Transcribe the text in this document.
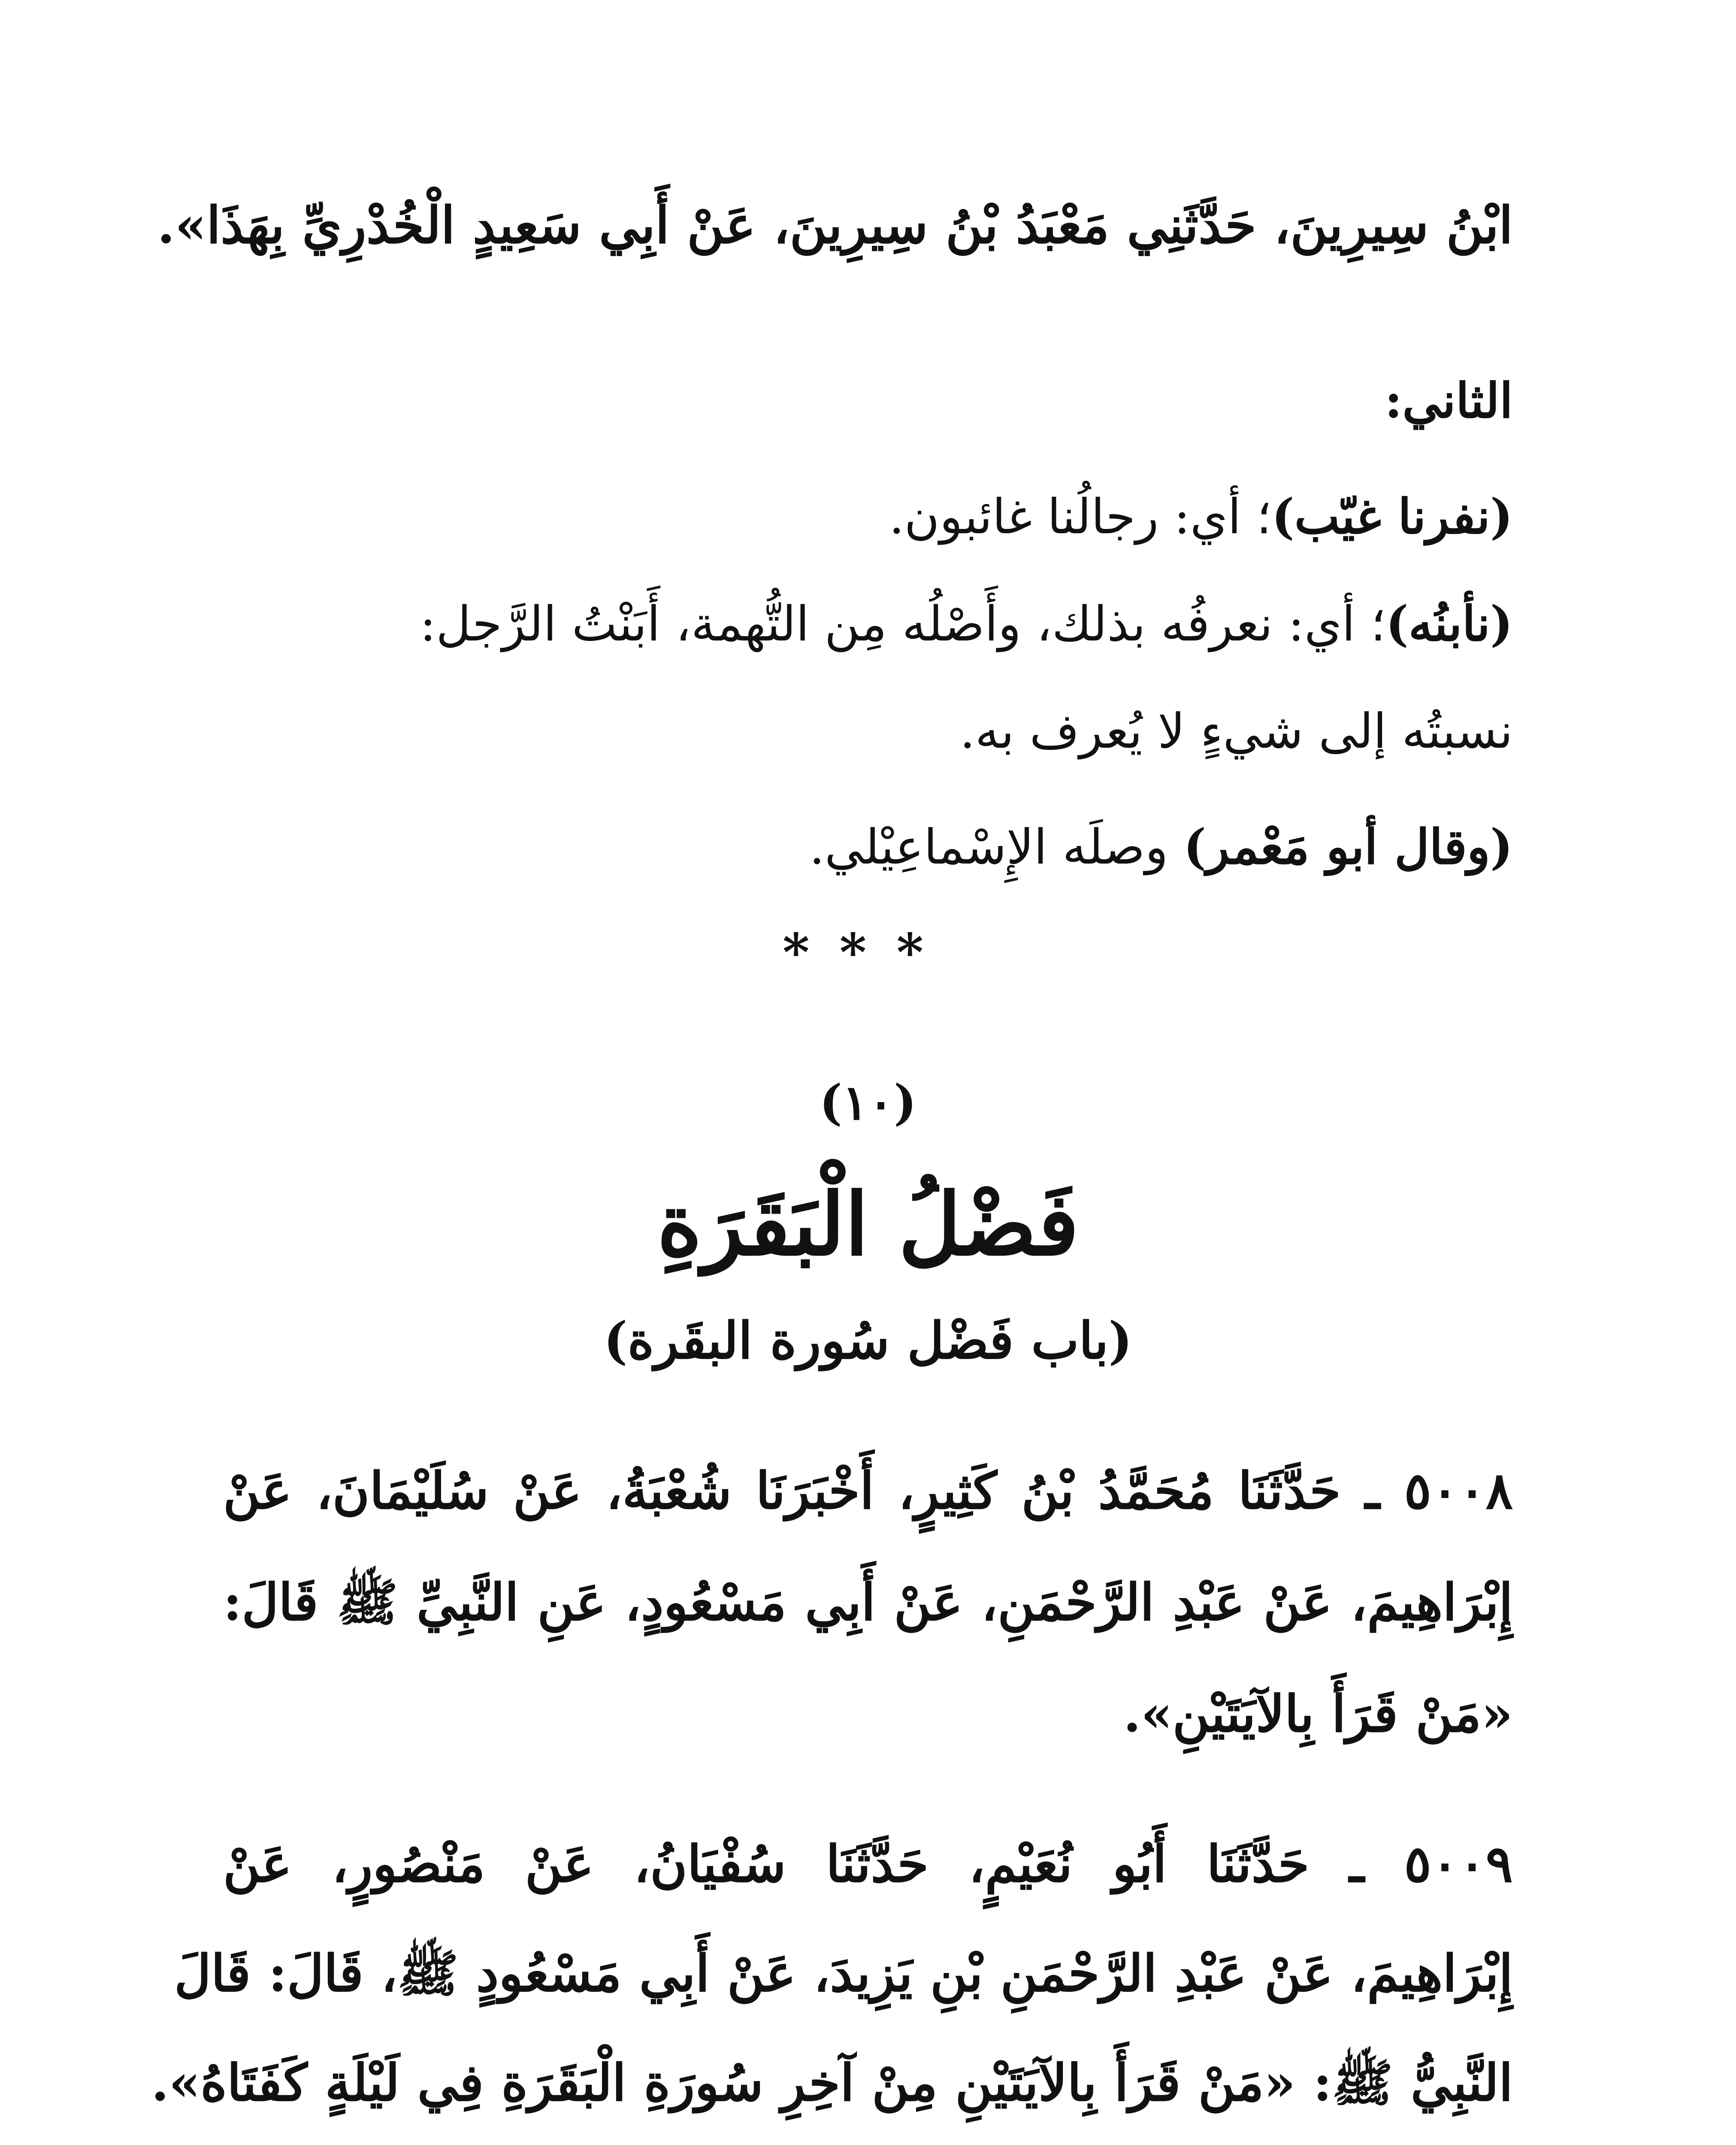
ابْنُ سِيرِينَ، حَدَّثَنِي مَعْبَدُ بْنُ سِيرِينَ، عَنْ أَبِي سَعِيدٍ الْخُدْرِيِّ بِهَذَا».
الثاني:
(نفرنا غيّب)؛ أي: رجالُنا غائبون.
(نأبنُه)؛ أي: نعرفُه بذلك، وأَصْلُه مِن التُّهمة، أَبَنْتُ الرَّجل:
نسبتُه إلى شيءٍ لا يُعرف به.
(وقال أبو مَعْمر) وصلَه الإِسْماعِيْلي.
***
(١٠)
فَضْلُ الْبَقَرَةِ
(باب فَضْل سُورة البقَرة)
٥٠٠٨ ـ حَدَّثَنَا مُحَمَّدُ بْنُ كَثِيرٍ، أَخْبَرَنَا شُعْبَةُ، عَنْ سُلَيْمَانَ، عَنْ
إِبْرَاهِيمَ، عَنْ عَبْدِ الرَّحْمَنِ، عَنْ أَبِي مَسْعُودٍ، عَنِ النَّبِيِّ ﷺ قَالَ:
«مَنْ قَرَأَ بِالآيَتَيْنِ».
٥٠٠٩ ـ حَدَّثَنَا أَبُو نُعَيْمٍ، حَدَّثَنَا سُفْيَانُ، عَنْ مَنْصُورٍ، عَنْ
إِبْرَاهِيمَ، عَنْ عَبْدِ الرَّحْمَنِ بْنِ يَزِيدَ، عَنْ أَبِي مَسْعُودٍ ﷺ، قَالَ: قَالَ
النَّبِيُّ ﷺ: «مَنْ قَرَأَ بِالآيَتَيْنِ مِنْ آخِرِ سُورَةِ الْبَقَرَةِ فِي لَيْلَةٍ كَفَتَاهُ».
